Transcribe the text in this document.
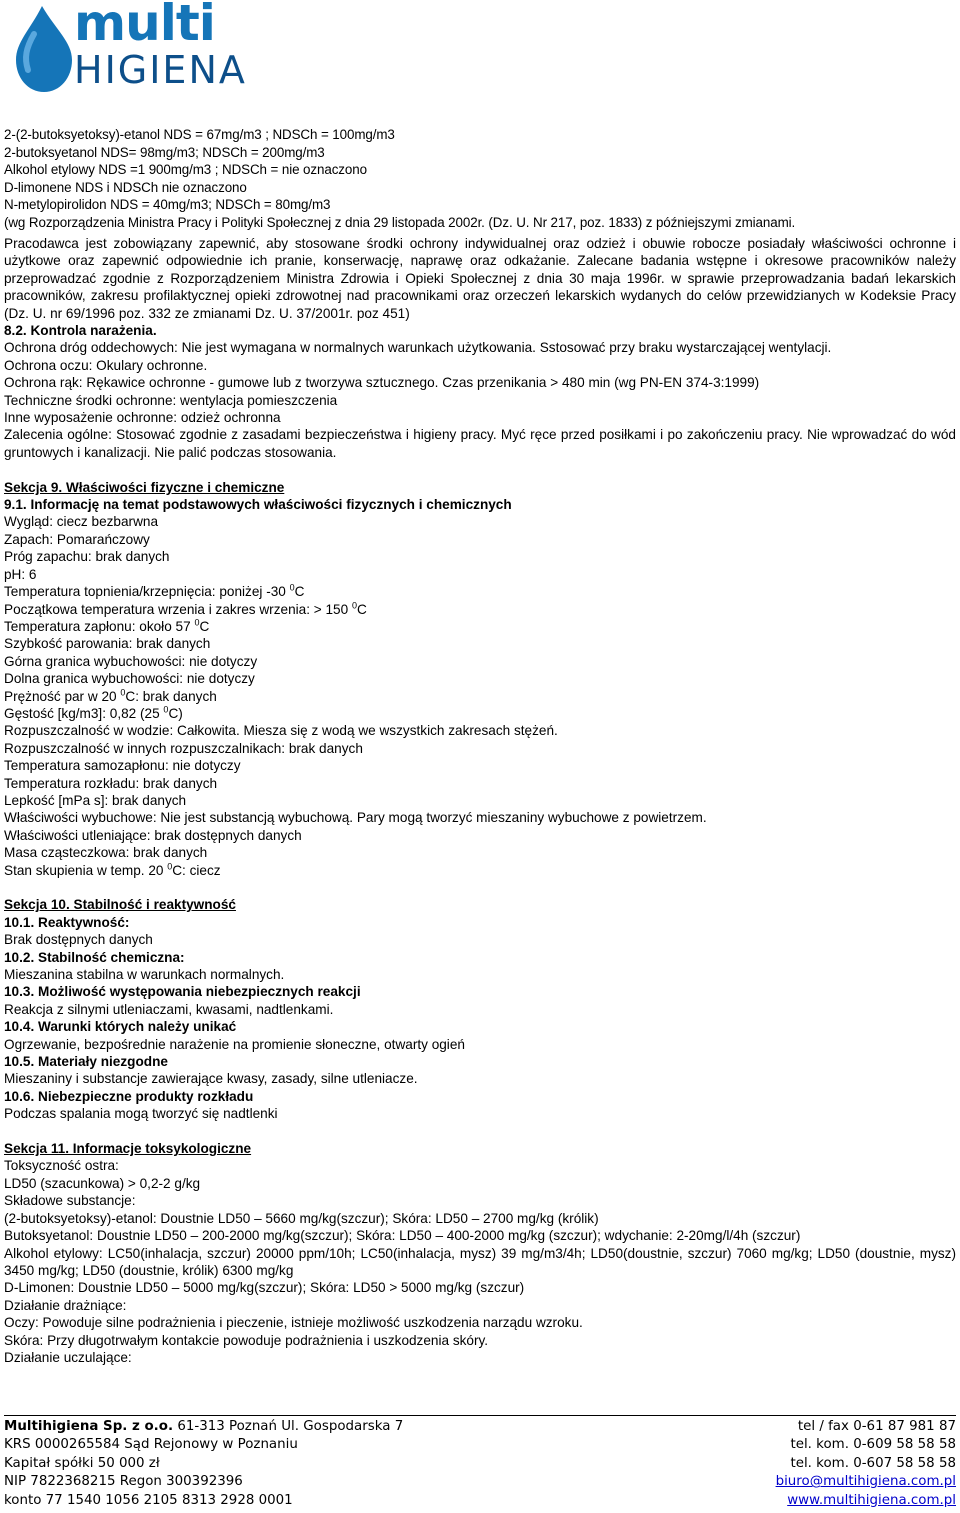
multi
HIGIENA
2-(2-butoksyetoksy)-etanol NDS = 67mg/m3 ; NDSCh = 100mg/m3
2-butoksyetanol NDS= 98mg/m3; NDSCh = 200mg/m3
Alkohol etylowy NDS =1 900mg/m3 ; NDSCh = nie oznaczono
D-limonene NDS i NDSCh nie oznaczono
N-metylopirolidon NDS = 40mg/m3; NDSCh = 80mg/m3
(wg Rozporządzenia Ministra Pracy i Polityki Społecznej z dnia 29 listopada 2002r. (Dz. U. Nr 217, poz. 1833) z późniejszymi zmianami.

Pracodawca jest zobowiązany zapewnić, aby stosowane środki ochrony indywidualnej oraz odzież i obuwie robocze posiadały właściwości ochronne i użytkowe oraz zapewnić odpowiednie ich pranie, konserwację, naprawę oraz odkażanie. Zalecane badania wstępne i okresowe pracowników należy przeprowadzać zgodnie z Rozporządzeniem Ministra Zdrowia i Opieki Społecznej z dnia 30 maja 1996r. w sprawie przeprowadzania badań lekarskich pracowników, zakresu profilaktycznej opieki zdrowotnej nad pracownikami oraz orzeczeń lekarskich wydanych do celów przewidzianych w Kodeksie Pracy (Dz. U. nr 69/1996 poz. 332 ze zmianami Dz. U. 37/2001r. poz 451)

8.2. Kontrola narażenia.

Ochrona dróg oddechowych: Nie jest wymagana w normalnych warunkach użytkowania. Sstosować przy braku wystarczającej wentylacji.

Ochrona oczu: Okulary ochronne.

Ochrona rąk: Rękawice ochronne - gumowe lub z tworzywa sztucznego. Czas przenikania > 480 min (wg PN-EN 374-3:1999)

Techniczne środki ochronne: wentylacja pomieszczenia

Inne wyposażenie ochronne: odzież ochronna

Zalecenia ogólne: Stosować zgodnie z zasadami bezpieczeństwa i higieny pracy. Myć ręce przed posiłkami i po zakończeniu pracy. Nie wprowadzać do wód gruntowych i kanalizacji. Nie palić podczas stosowania.

Sekcja 9. Właściwości fizyczne i chemiczne

9.1. Informację na temat podstawowych właściwości fizycznych i chemicznych

Wygląd: ciecz bezbarwna

Zapach: Pomarańczowy

Próg zapachu: brak danych

pH: 6

Temperatura topnienia/krzepnięcia: poniżej -30 $^0$C

Początkowa temperatura wrzenia i zakres wrzenia: > 150 $^0$C

Temperatura zapłonu: około 57 $^0$C

Szybkość parowania: brak danych

Górna granica wybuchowości: nie dotyczy

Dolna granica wybuchowości: nie dotyczy

Prężność par w 20 $^0$C: brak danych

Gęstość [kg/m3]: 0,82 (25 $^0$C)

Rozpuszczalność w wodzie: Całkowita. Miesza się z wodą we wszystkich zakresach stężeń.

Rozpuszczalność w innych rozpuszczalnikach: brak danych

Temperatura samozapłonu: nie dotyczy

Temperatura rozkładu: brak danych

Lepkość [mPa s]: brak danych

Właściwości wybuchowe: Nie jest substancją wybuchową. Pary mogą tworzyć mieszaniny wybuchowe z powietrzem.

Właściwości utleniające: brak dostępnych danych

Masa cząsteczkowa: brak danych

Stan skupienia w temp. 20 $^0$C: ciecz

Sekcja 10. Stabilność i reaktywność

10.1. Reaktywność:

Brak dostępnych danych

10.2. Stabilność chemiczna:

Mieszanina stabilna w warunkach normalnych.

10.3. Możliwość występowania niebezpiecznych reakcji

Reakcja z silnymi utleniaczami, kwasami, nadtlenkami.

10.4. Warunki których należy unikać

Ogrzewanie, bezpośrednie narażenie na promienie słoneczne, otwarty ogień

10.5. Materiały niezgodne

Mieszaniny i substancje zawierające kwasy, zasady, silne utleniacze.

10.6. Niebezpieczne produkty rozkładu

Podczas spalania mogą tworzyć się nadtlenki

Sekcja 11. Informacje toksykologiczne

Toksyczność ostra:

LD50 (szacunkowa) > 0,2-2 g/kg

Składowe substancje:

(2-butoksyetoksy)-etanol: Doustnie LD50 – 5660 mg/kg(szczur); Skóra: LD50 – 2700 mg/kg (królik)

Butoksyetanol: Doustnie LD50 – 200-2000 mg/kg(szczur); Skóra: LD50 – 400-2000 mg/kg (szczur); wdychanie: 2-20mg/l/4h (szczur)

Alkohol etylowy: LC50(inhalacja, szczur) 20000 ppm/10h; LC50(inhalacja, mysz) 39 mg/m3/4h; LD50(doustnie, szczur) 7060 mg/kg; LD50 (doustnie, mysz) 3450 mg/kg; LD50 (doustnie, królik) 6300 mg/kg

D-Limonen: Doustnie LD50 – 5000 mg/kg(szczur); Skóra: LD50 > 5000 mg/kg (szczur)

Działanie drażniące:

Oczy: Powoduje silne podrażnienia i pieczenie, istnieje możliwość uszkodzenia narządu wzroku.

Skóra: Przy długotrwałym kontakcie powoduje podrażnienia i uszkodzenia skóry.

Działanie uczulające:

Multihigiena Sp. z o.o. 61-313 Poznań Ul. Gospodarska 7	tel / fax 0-61 87 981 87
KRS 0000265584 Sąd Rejonowy w Poznaniu	tel. kom. 0-609 58 58 58
Kapitał spółki 50 000 zł	tel. kom. 0-607 58 58 58
NIP 7822368215 Regon 300392396	biuro@multihigiena.com.pl
konto 77 1540 1056 2105 8313 2928 0001	www.multihigiena.com.pl
